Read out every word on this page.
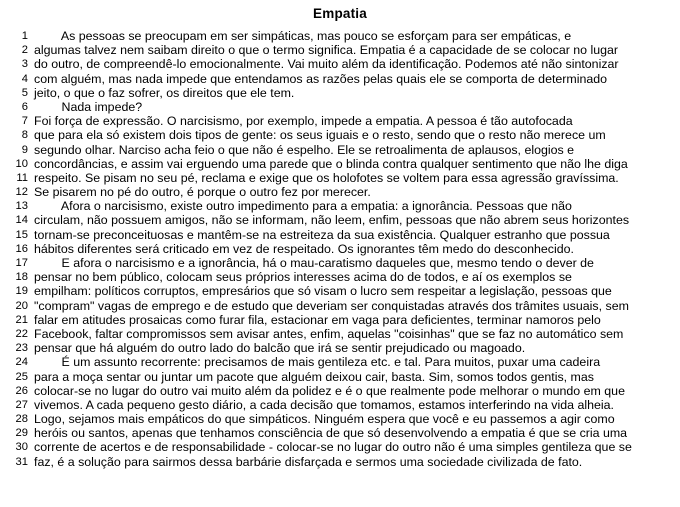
Empatia
1 As pessoas se preocupam em ser simpáticas, mas pouco se esforçam para ser empáticas, e
2 algumas talvez nem saibam direito o que o termo significa. Empatia é a capacidade de se colocar no lugar
3 do outro, de compreendê-lo emocionalmente. Vai muito além da identificação. Podemos até não sintonizar
4 com alguém, mas nada impede que entendamos as razões pelas quais ele se comporta de determinado
5 jeito, o que o faz sofrer, os direitos que ele tem.
6 Nada impede?
7 Foi força de expressão. O narcisismo, por exemplo, impede a empatia. A pessoa é tão autofocada
8 que para ela só existem dois tipos de gente: os seus iguais e o resto, sendo que o resto não merece um
9 segundo olhar. Narciso acha feio o que não é espelho. Ele se retroalimenta de aplausos, elogios e
10 concordâncias, e assim vai erguendo uma parede que o blinda contra qualquer sentimento que não lhe diga
11 respeito. Se pisam no seu pé, reclama e exige que os holofotes se voltem para essa agressão gravíssima.
12 Se pisarem no pé do outro, é porque o outro fez por merecer.
13 Afora o narcisismo, existe outro impedimento para a empatia: a ignorância. Pessoas que não
14 circulam, não possuem amigos, não se informam, não leem, enfim, pessoas que não abrem seus horizontes
15 tornam-se preconceituosas e mantêm-se na estreiteza da sua existência. Qualquer estranho que possua
16 hábitos diferentes será criticado em vez de respeitado. Os ignorantes têm medo do desconhecido.
17 E afora o narcisismo e a ignorância, há o mau-caratismo daqueles que, mesmo tendo o dever de
18 pensar no bem público, colocam seus próprios interesses acima do de todos, e aí os exemplos se
19 empilham: políticos corruptos, empresários que só visam o lucro sem respeitar a legislação, pessoas que
20 "compram" vagas de emprego e de estudo que deveriam ser conquistadas através dos trâmites usuais, sem
21 falar em atitudes prosaicas como furar fila, estacionar em vaga para deficientes, terminar namoros pelo
22 Facebook, faltar compromissos sem avisar antes, enfim, aquelas "coisinhas" que se faz no automático sem
23 pensar que há alguém do outro lado do balcão que irá se sentir prejudicado ou magoado.
24 É um assunto recorrente: precisamos de mais gentileza etc. e tal. Para muitos, puxar uma cadeira
25 para a moça sentar ou juntar um pacote que alguém deixou cair, basta. Sim, somos todos gentis, mas
26 colocar-se no lugar do outro vai muito além da polidez e é o que realmente pode melhorar o mundo em que
27 vivemos. A cada pequeno gesto diário, a cada decisão que tomamos, estamos interferindo na vida alheia.
28 Logo, sejamos mais empáticos do que simpáticos. Ninguém espera que você e eu passemos a agir como
29 heróis ou santos, apenas que tenhamos consciência de que só desenvolvendo a empatia é que se cria uma
30 corrente de acertos e de responsabilidade - colocar-se no lugar do outro não é uma simples gentileza que se
31 faz, é a solução para sairmos dessa barbárie disfarçada e sermos uma sociedade civilizada de fato.
